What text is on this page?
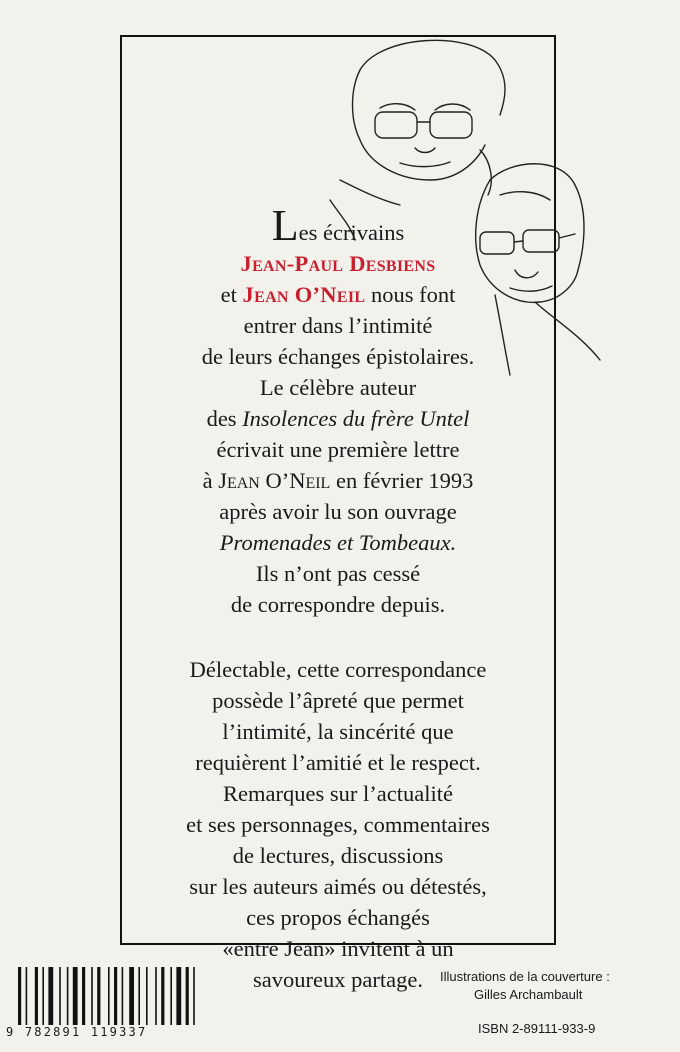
Les écrivains

Jean-Paul Desbiens

et Jean O’Neil nous font

entrer dans l’intimité

de leurs échanges épistolaires.

Le célèbre auteur

des Insolences du frère Untel

écrivait une première lettre

à Jean O’Neil en février 1993

après avoir lu son ouvrage

Promenades et Tombeaux.

Ils n’ont pas cessé

de correspondre depuis.

Délectable, cette correspondance

possède l’âpreté que permet

l’intimité, la sincérité que

requièrent l’amitié et le respect.

Remarques sur l’actualité

et ses personnages, commentaires

de lectures, discussions

sur les auteurs aimés ou détestés,

ces propos échangés

«entre Jean» invitent à un

savoureux partage.

9 782891 119337
Illustrations de la couverture :
Gilles Archambault
ISBN 2-89111-933-9
